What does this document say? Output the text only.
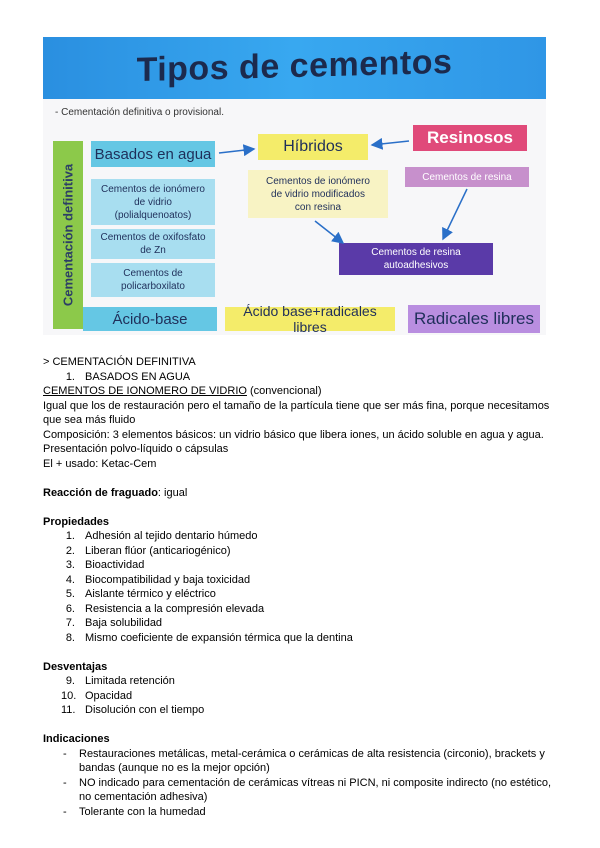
Tipos de cementos
- Cementación definitiva o provisional.
Cementación definitiva
Basados en agua	Híbridos	Resinosos
Cementos de ionómero
de vidrio
(polialquenoatos)
Cementos de oxifosfato
de Zn
Cementos de
policarboxilato
Cementos de ionómero
de vidrio modificados
con resina
Cementos de resina
Cementos de resina
autoadhesivos
Ácido-base	Ácido base+radicales libres	Radicales libres

> CEMENTACIÓN DEFINITIVA

1. BASADOS EN AGUA

CEMENTOS DE IONOMERO DE VIDRIO (convencional)

Igual que los de restauración pero el tamaño de la partícula tiene que ser más fina, porque necesitamos que sea más fluido

Composición: 3 elementos básicos: un vidrio básico que libera iones, un ácido soluble en agua y agua.

Presentación polvo-líquido o cápsulas

El + usado: Ketac-Cem

Reacción de fraguado: igual

Propiedades

1. Adhesión al tejido dentario húmedo

2. Liberan flúor (anticariogénico)

3. Bioactividad

4. Biocompatibilidad y baja toxicidad

5. Aislante térmico y eléctrico

6. Resistencia a la compresión elevada

7. Baja solubilidad

8. Mismo coeficiente de expansión térmica que la dentina

Desventajas

9. Limitada retención

10. Opacidad

11. Disolución con el tiempo

Indicaciones

- Restauraciones metálicas, metal-cerámica o cerámicas de alta resistencia (circonio), brackets y bandas (aunque no es la mejor opción)

- NO indicado para cementación de cerámicas vítreas ni PICN, ni composite indirecto (no estético, no cementación adhesiva)

- Tolerante con la humedad
